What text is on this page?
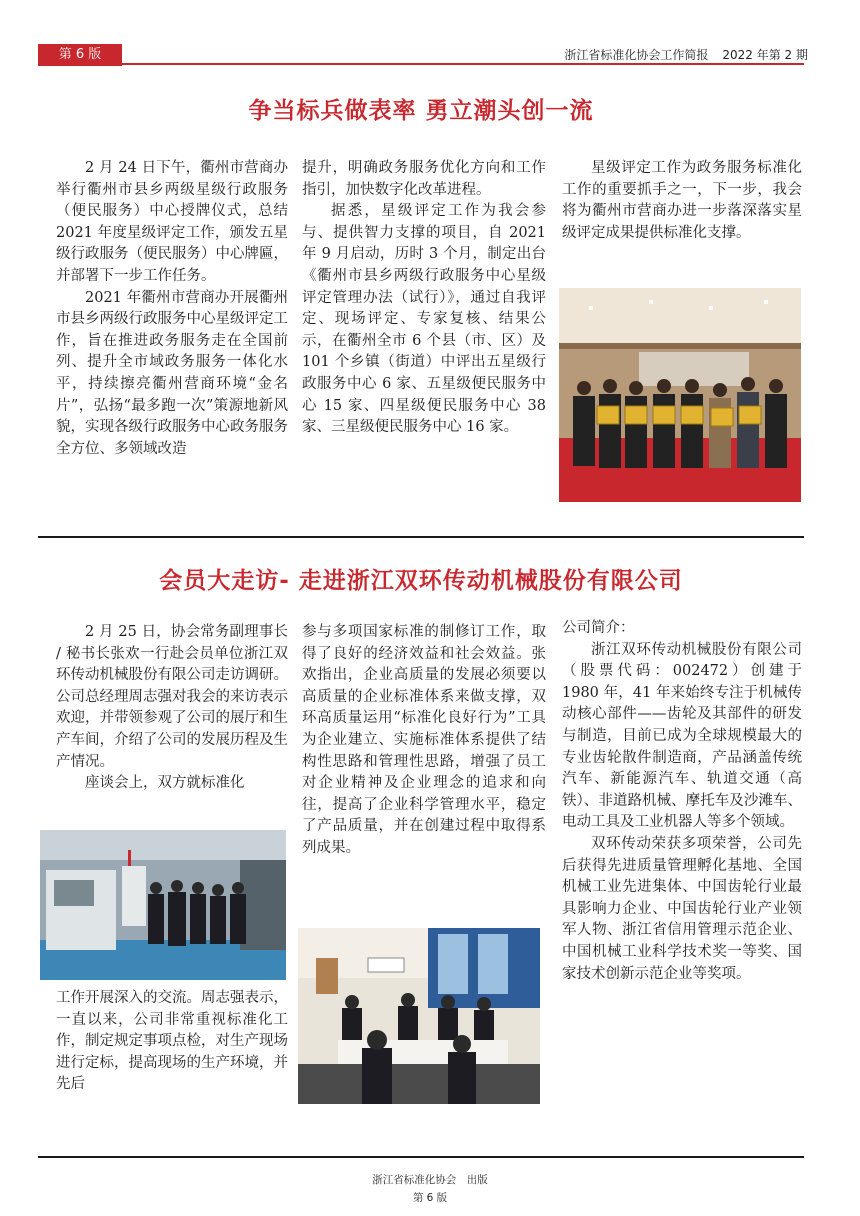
第 6 版	浙江省标准化协会工作简报 2022 年第 2 期
争当标兵做表率 勇立潮头创一流

2 月 24 日下午，衢州市营商办举行衢州市县乡两级星级行政服务（便民服务）中心授牌仪式，总结 2021 年度星级评定工作，颁发五星级行政服务（便民服务）中心牌匾，并部署下一步工作任务。

2021 年衢州市营商办开展衢州市县乡两级行政服务中心星级评定工作，旨在推进政务服务走在全国前列、提升全市域政务服务一体化水平，持续擦亮衢州营商环境“金名片”，弘扬“最多跑一次”策源地新风貌，实现各级行政服务中心政务服务全方位、多领域改造

提升，明确政务服务优化方向和工作指引，加快数字化改革进程。

据悉，星级评定工作为我会参与、提供智力支撑的项目，自 2021 年 9 月启动，历时 3 个月，制定出台《衢州市县乡两级行政服务中心星级评定管理办法（试行）》，通过自我评定、现场评定、专家复核、结果公示，在衢州全市 6 个县（市、区）及 101 个乡镇（街道）中评出五星级行政服务中心 6 家、五星级便民服务中心 15 家、四星级便民服务中心 38 家、三星级便民服务中心 16 家。

星级评定工作为政务服务标准化工作的重要抓手之一，下一步，我会将为衢州市营商办进一步落深落实星级评定成果提供标准化支撑。

会员大走访- 走进浙江双环传动机械股份有限公司

2 月 25 日，协会常务副理事长 / 秘书长张欢一行赴会员单位浙江双环传动机械股份有限公司走访调研。公司总经理周志强对我会的来访表示欢迎，并带领参观了公司的展厅和生产车间，介绍了公司的发展历程及生产情况。

座谈会上，双方就标准化

工作开展深入的交流。周志强表示，一直以来，公司非常重视标准化工作，制定规定事项点检，对生产现场进行定标，提高现场的生产环境，并先后

参与多项国家标准的制修订工作，取得了良好的经济效益和社会效益。张欢指出，企业高质量的发展必须要以高质量的企业标准体系来做支撑，双环高质量运用“标准化良好行为”工具为企业建立、实施标准体系提供了结构性思路和管理性思路，增强了员工对企业精神及企业理念的追求和向往，提高了企业科学管理水平，稳定了产品质量，并在创建过程中取得系列成果。

公司简介：

浙江双环传动机械股份有限公司（股票代码：002472）创建于 1980 年，41 年来始终专注于机械传动核心部件——齿轮及其部件的研发与制造，目前已成为全球规模最大的专业齿轮散件制造商，产品涵盖传统汽车、新能源汽车、轨道交通（高铁）、非道路机械、摩托车及沙滩车、电动工具及工业机器人等多个领域。

双环传动荣获多项荣誉，公司先后获得先进质量管理孵化基地、全国机械工业先进集体、中国齿轮行业最具影响力企业、中国齿轮行业产业领军人物、浙江省信用管理示范企业、中国机械工业科学技术奖一等奖、国家技术创新示范企业等奖项。

浙江省标准化协会　出版
第 6 版
